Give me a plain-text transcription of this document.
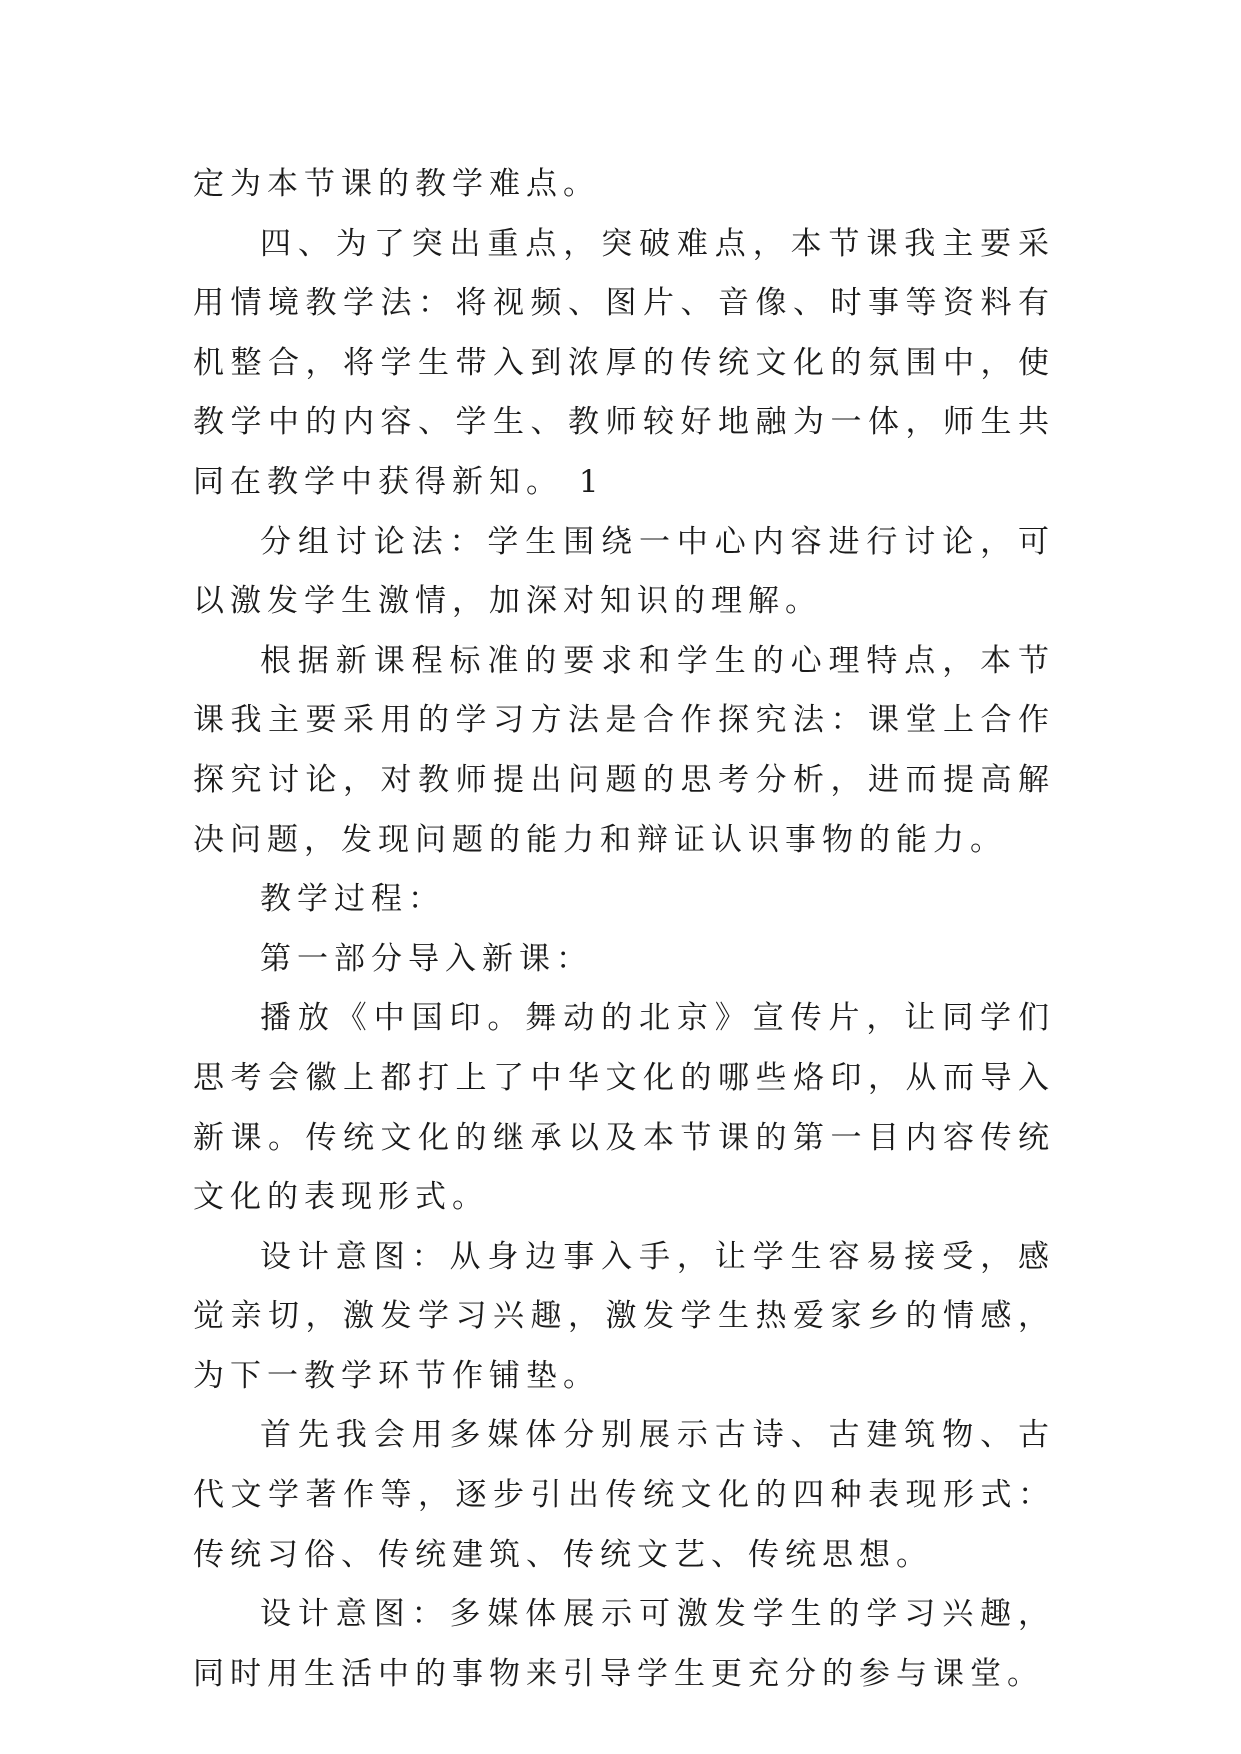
定为本节课的教学难点。

四、为了突出重点，突破难点，本节课我主要采用情境教学法：将视频、图片、音像、时事等资料有机整合，将学生带入到浓厚的传统文化的氛围中，使教学中的内容、学生、教师较好地融为一体，师生共同在教学中获得新知。 1

分组讨论法：学生围绕一中心内容进行讨论，可以激发学生激情，加深对知识的理解。

根据新课程标准的要求和学生的心理特点，本节课我主要采用的学习方法是合作探究法：课堂上合作探究讨论，对教师提出问题的思考分析，进而提高解决问题，发现问题的能力和辩证认识事物的能力。

教学过程：

第一部分导入新课：

播放《中国印。舞动的北京》宣传片，让同学们思考会徽上都打上了中华文化的哪些烙印，从而导入新课。传统文化的继承以及本节课的第一目内容传统文化的表现形式。

设计意图：从身边事入手，让学生容易接受，感觉亲切，激发学习兴趣，激发学生热爱家乡的情感，为下一教学环节作铺垫。

首先我会用多媒体分别展示古诗、古建筑物、古代文学著作等，逐步引出传统文化的四种表现形式：传统习俗、传统建筑、传统文艺、传统思想。

设计意图：多媒体展示可激发学生的学习兴趣，同时用生活中的事物来引导学生更充分的参与课堂。
